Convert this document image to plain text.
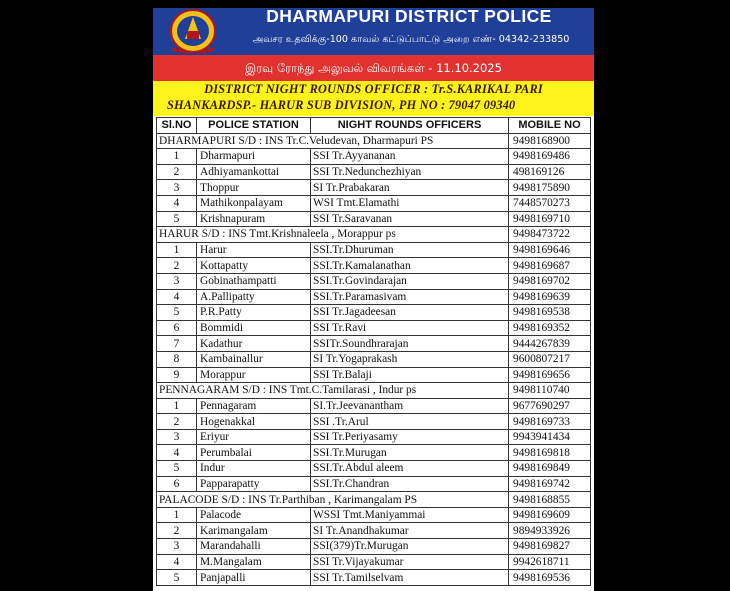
DHARMAPURI DISTRICT POLICE
அவசர உதவிக்கு-100 காவல் கட்டுப்பாட்டு அறை எண்- 04342-233850
இரவு ரோந்து அலுவல் விவரங்கள் - 11.10.2025
DISTRICT NIGHT ROUNDS OFFICER : Tr.S.KARIKAL PARI
SHANKARDSP.- HARUR SUB DIVISION, PH NO : 79047 09340
Sl.NO	POLICE STATION	NIGHT ROUNDS OFFICERS	MOBILE NO
DHARMAPURI S/D : INS Tr.C.Veludevan, Dharmapuri PS			9498168900
1	Dharmapuri	SSI Tr.Ayyananan	9498169486
2	Adhiyamankottai	SSI Tr.Nedunchezhiyan	498169126
3	Thoppur	SI Tr.Prabakaran	9498175890
4	Mathikonpalayam	WSI Tmt.Elamathi	7448570273
5	Krishnapuram	SSI Tr.Saravanan	9498169710
HARUR S/D : INS Tmt.Krishnaleela , Morappur ps			9498473722
1	Harur	SSI.Tr.Dhuruman	9498169646
2	Kottapatty	SSI.Tr.Kamalanathan	9498169687
3	Gobinathampatti	SSI.Tr.Govindarajan	9498169702
4	A.Pallipatty	SSI.Tr.Paramasivam	9498169639
5	P.R.Patty	SSI Tr.Jagadeesan	9498169538
6	Bommidi	SSI Tr.Ravi	9498169352
7	Kadathur	SSITr.Soundhrarajan	9444267839
8	Kambainallur	SI Tr.Yogaprakash	9600807217
9	Morappur	SSI Tr.Balaji	9498169656
PENNAGARAM S/D : INS Tmt.C.Tamilarasi , Indur ps			9498110740
1	Pennagaram	SI.Tr.Jeevanantham	9677690297
2	Hogenakkal	SSI .Tr.Arul	9498169733
3	Eriyur	SSI Tr.Periyasamy	9943941434
4	Perumbalai	SSI.Tr.Murugan	9498169818
5	Indur	SSI.Tr.Abdul aleem	9498169849
6	Papparapatty	SSI.Tr.Chandran	9498169742
PALACODE S/D : INS Tr.Parthiban , Karimangalam PS			9498168855
1	Palacode	WSSI Tmt.Maniyammai	9498169609
2	Karimangalam	SI Tr.Anandhakumar	9894933926
3	Marandahalli	SSI(379)Tr.Murugan	9498169827
4	M.Mangalam	SSI Tr.Vijayakumar	9942618711
5	Panjapalli	SSI Tr.Tamilselvam	9498169536
